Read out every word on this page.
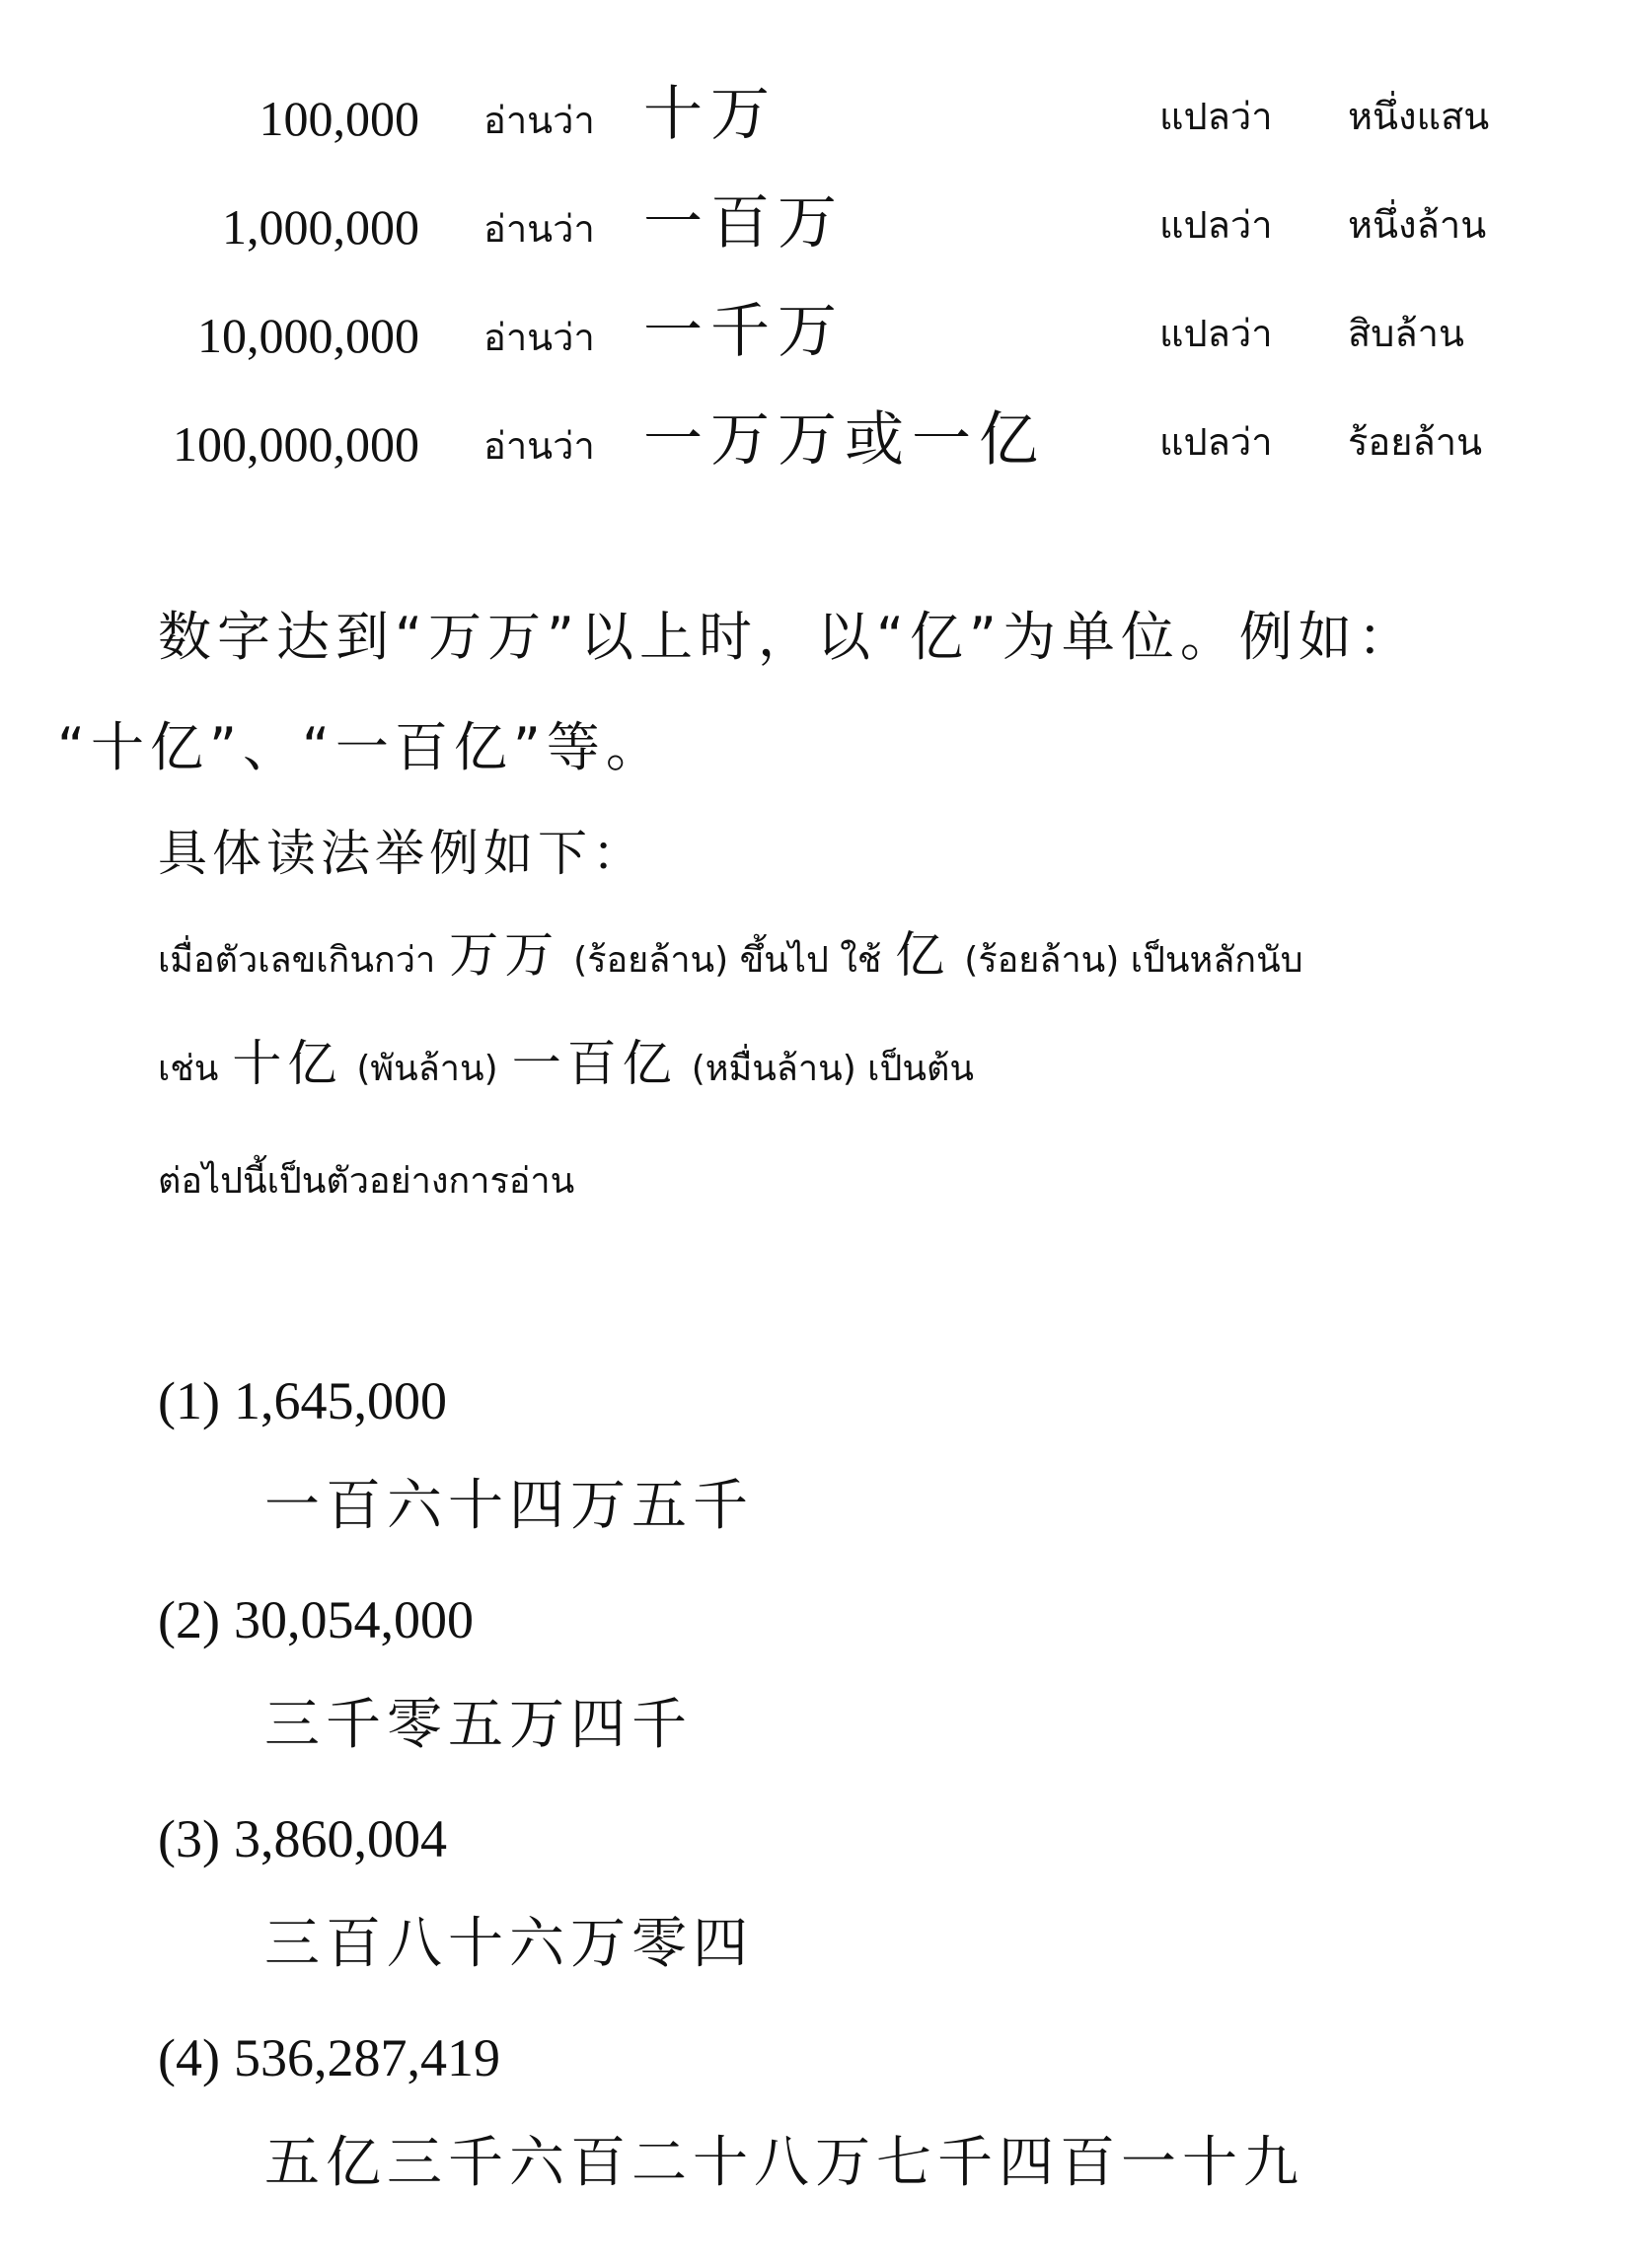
100,000 อ่านว่า 十万	แปลว่า หนึ่งแสน
1,000,000 อ่านว่า 一百万	แปลว่า หนึ่งล้าน
10,000,000 อ่านว่า 一千万	แปลว่า สิบล้าน
100,000,000 อ่านว่า 一万万或一亿	แปลว่า ร้อยล้าน
数字达到“万万”以上时，以“亿”为单位。例如：
“十亿”、“一百亿”等。
具体读法举例如下：
เมื่อตัวเลขเกินกว่า 万万 (ร้อยล้าน) ขึ้นไป ใช้ 亿 (ร้อยล้าน) เป็นหลักนับ
เช่น 十亿 (พันล้าน) 一百亿 (หมื่นล้าน) เป็นต้น
ต่อไปนี้เป็นตัวอย่างการอ่าน
(1) 1,645,000
一百六十四万五千
(2) 30,054,000
三千零五万四千
(3) 3,860,004
三百八十六万零四
(4) 536,287,419
五亿三千六百二十八万七千四百一十九
